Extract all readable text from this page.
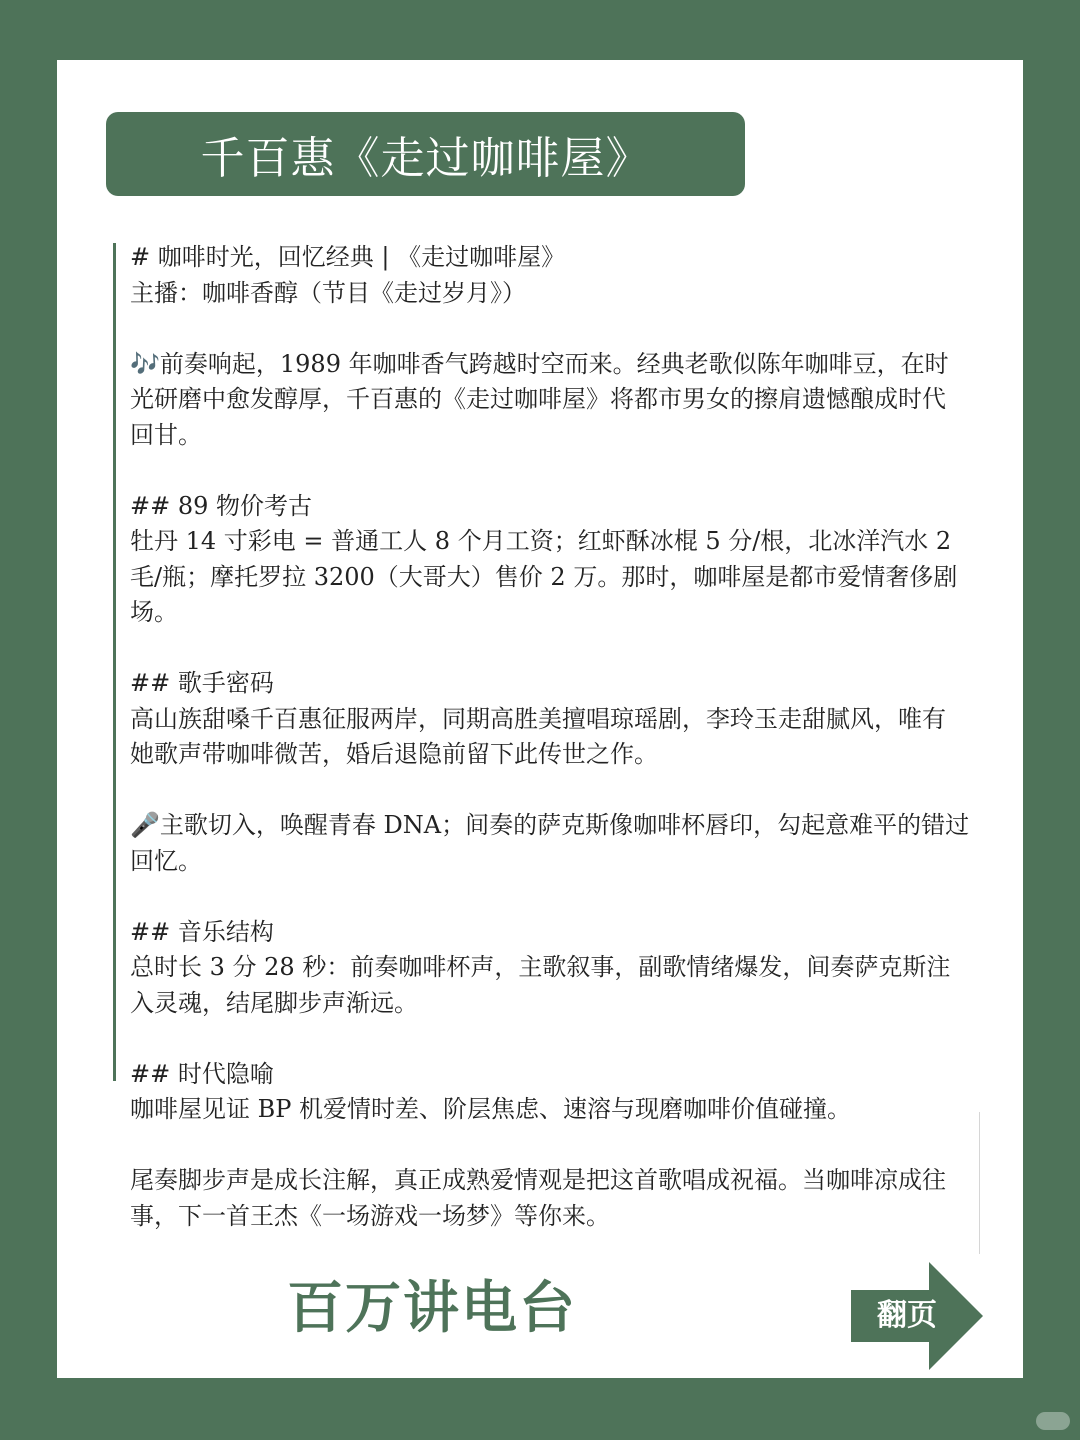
千百惠《走过咖啡屋》

# 咖啡时光，回忆经典 | 《走过咖啡屋》

主播：咖啡香醇（节目《走过岁月》）

🎶前奏响起，1989 年咖啡香气跨越时空而来。经典老歌似陈年咖啡豆，在时

光研磨中愈发醇厚，千百惠的《走过咖啡屋》将都市男女的擦肩遗憾酿成时代

回甘。

## 89 物价考古

牡丹 14 寸彩电 = 普通工人 8 个月工资；红虾酥冰棍 5 分/根，北冰洋汽水 2

毛/瓶；摩托罗拉 3200（大哥大）售价 2 万。那时，咖啡屋是都市爱情奢侈剧

场。

## 歌手密码

高山族甜嗓千百惠征服两岸，同期高胜美擅唱琼瑶剧，李玲玉走甜腻风，唯有

她歌声带咖啡微苦，婚后退隐前留下此传世之作。

🎤主歌切入，唤醒青春 DNA；间奏的萨克斯像咖啡杯唇印，勾起意难平的错过

回忆。

## 音乐结构

总时长 3 分 28 秒：前奏咖啡杯声，主歌叙事，副歌情绪爆发，间奏萨克斯注

入灵魂，结尾脚步声渐远。

## 时代隐喻

咖啡屋见证 BP 机爱情时差、阶层焦虑、速溶与现磨咖啡价值碰撞。

尾奏脚步声是成长注解，真正成熟爱情观是把这首歌唱成祝福。当咖啡凉成往

事，下一首王杰《一场游戏一场梦》等你来。

百万讲电台	翻页
